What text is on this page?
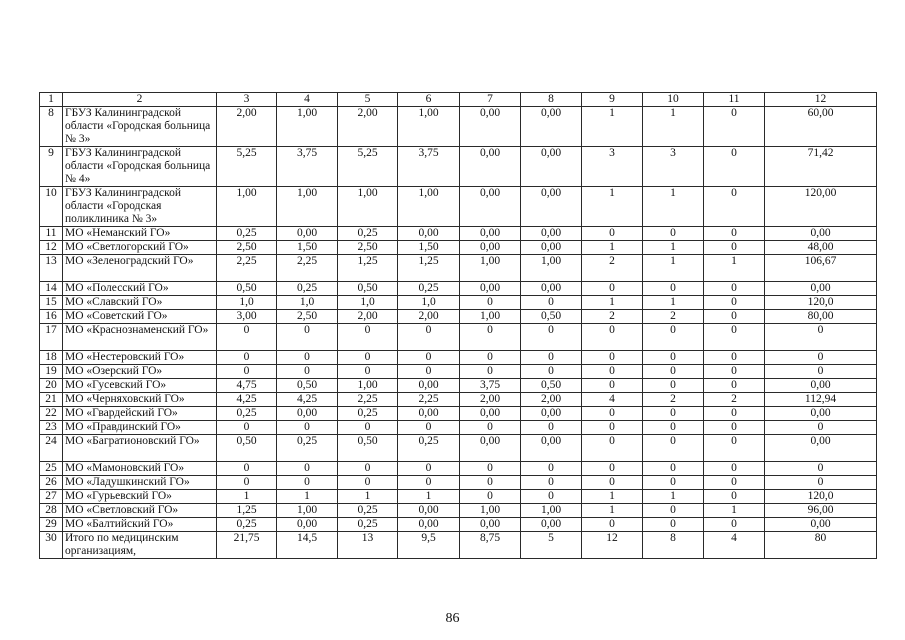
1	2	3	4	5	6	7	8	9	10	11	12
8	ГБУЗ Калининградской области «Городская больница № 3»	2,00	1,00	2,00	1,00	0,00	0,00	1	1	0	60,00
9	ГБУЗ Калининградской области «Городская больница № 4»	5,25	3,75	5,25	3,75	0,00	0,00	3	3	0	71,42
10	ГБУЗ Калининградской области «Городская поликлиника № 3»	1,00	1,00	1,00	1,00	0,00	0,00	1	1	0	120,00
11	МО «Неманский ГО»	0,25	0,00	0,25	0,00	0,00	0,00	0	0	0	0,00
12	МО «Светлогорский ГО»	2,50	1,50	2,50	1,50	0,00	0,00	1	1	0	48,00
13	МО «Зеленоградский ГО»	2,25	2,25	1,25	1,25	1,00	1,00	2	1	1	106,67
14	МО «Полесский ГО»	0,50	0,25	0,50	0,25	0,00	0,00	0	0	0	0,00
15	МО «Славский ГО»	1,0	1,0	1,0	1,0	0	0	1	1	0	120,0
16	МО «Советский ГО»	3,00	2,50	2,00	2,00	1,00	0,50	2	2	0	80,00
17	МО «Краснознаменский ГО»	0	0	0	0	0	0	0	0	0	0
18	МО «Нестеровский ГО»	0	0	0	0	0	0	0	0	0	0
19	МО «Озерский ГО»	0	0	0	0	0	0	0	0	0	0
20	МО «Гусевский ГО»	4,75	0,50	1,00	0,00	3,75	0,50	0	0	0	0,00
21	МО «Черняховский ГО»	4,25	4,25	2,25	2,25	2,00	2,00	4	2	2	112,94
22	МО «Гвардейский ГО»	0,25	0,00	0,25	0,00	0,00	0,00	0	0	0	0,00
23	МО «Правдинский ГО»	0	0	0	0	0	0	0	0	0	0
24	МО «Багратионовский ГО»	0,50	0,25	0,50	0,25	0,00	0,00	0	0	0	0,00
25	МО «Мамоновский ГО»	0	0	0	0	0	0	0	0	0	0
26	МО «Ладушкинский ГО»	0	0	0	0	0	0	0	0	0	0
27	МО «Гурьевский ГО»	1	1	1	1	0	0	1	1	0	120,0
28	МО «Светловский ГО»	1,25	1,00	0,25	0,00	1,00	1,00	1	0	1	96,00
29	МО «Балтийский ГО»	0,25	0,00	0,25	0,00	0,00	0,00	0	0	0	0,00
30	Итого по медицинским организациям,	21,75	14,5	13	9,5	8,75	5	12	8	4	80
86
